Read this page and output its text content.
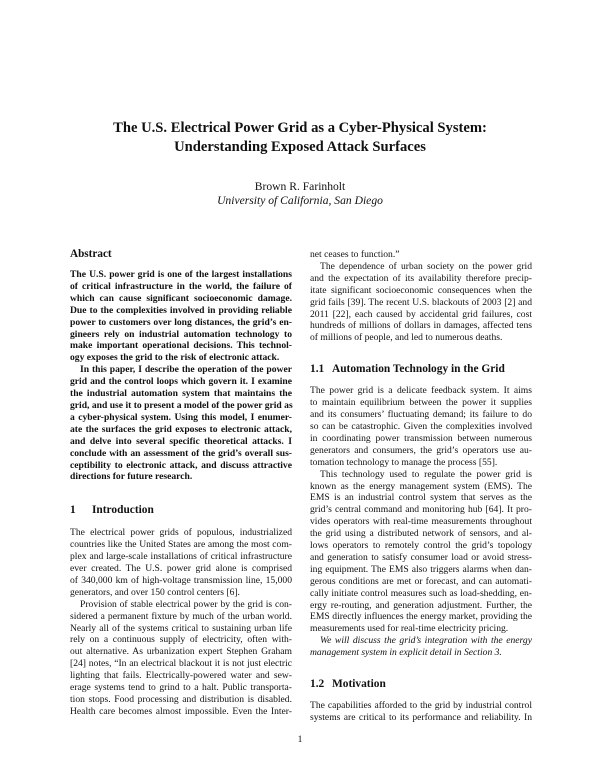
The U.S. Electrical Power Grid as a Cyber-Physical System:
Understanding Exposed Attack Surfaces
Brown R. Farinholt
University of California, San Diego
Abstract
The U.S. power grid is one of the largest installations
of critical infrastructure in the world, the failure of
which can cause significant socioeconomic damage.
Due to the complexities involved in providing reliable
power to customers over long distances, the grid’s en-
gineers rely on industrial automation technology to
make important operational decisions. This technol-
ogy exposes the grid to the risk of electronic attack.
In this paper, I describe the operation of the power
grid and the control loops which govern it. I examine
the industrial automation system that maintains the
grid, and use it to present a model of the power grid as
a cyber-physical system. Using this model, I enumer-
ate the surfaces the grid exposes to electronic attack,
and delve into several specific theoretical attacks. I
conclude with an assessment of the grid’s overall sus-
ceptibility to electronic attack, and discuss attractive
directions for future research.
1 Introduction
The electrical power grids of populous, industrialized
countries like the United States are among the most com-
plex and large-scale installations of critical infrastructure
ever created. The U.S. power grid alone is comprised
of 340,000 km of high-voltage transmission line, 15,000
generators, and over 150 control centers [6].
Provision of stable electrical power by the grid is con-
sidered a permanent fixture by much of the urban world.
Nearly all of the systems critical to sustaining urban life
rely on a continuous supply of electricity, often with-
out alternative. As urbanization expert Stephen Graham
[24] notes, “In an electrical blackout it is not just electric
lighting that fails. Electrically-powered water and sew-
erage systems tend to grind to a halt. Public transporta-
tion stops. Food processing and distribution is disabled.
Health care becomes almost impossible. Even the Inter-
net ceases to function.”
The dependence of urban society on the power grid
and the expectation of its availability therefore precip-
itate significant socioeconomic consequences when the
grid fails [39]. The recent U.S. blackouts of 2003 [2] and
2011 [22], each caused by accidental grid failures, cost
hundreds of millions of dollars in damages, affected tens
of millions of people, and led to numerous deaths.
1.1 Automation Technology in the Grid
The power grid is a delicate feedback system. It aims
to maintain equilibrium between the power it supplies
and its consumers’ fluctuating demand; its failure to do
so can be catastrophic. Given the complexities involved
in coordinating power transmission between numerous
generators and consumers, the grid’s operators use au-
tomation technology to manage the process [55].
This technology used to regulate the power grid is
known as the energy management system (EMS). The
EMS is an industrial control system that serves as the
grid’s central command and monitoring hub [64]. It pro-
vides operators with real-time measurements throughout
the grid using a distributed network of sensors, and al-
lows operators to remotely control the grid’s topology
and generation to satisfy consumer load or avoid stress-
ing equipment. The EMS also triggers alarms when dan-
gerous conditions are met or forecast, and can automati-
cally initiate control measures such as load-shedding, en-
ergy re-routing, and generation adjustment. Further, the
EMS directly influences the energy market, providing the
measurements used for real-time electricity pricing.
We will discuss the grid’s integration with the energy
management system in explicit detail in Section 3.
1.2 Motivation
The capabilities afforded to the grid by industrial control
systems are critical to its performance and reliability. In
1
